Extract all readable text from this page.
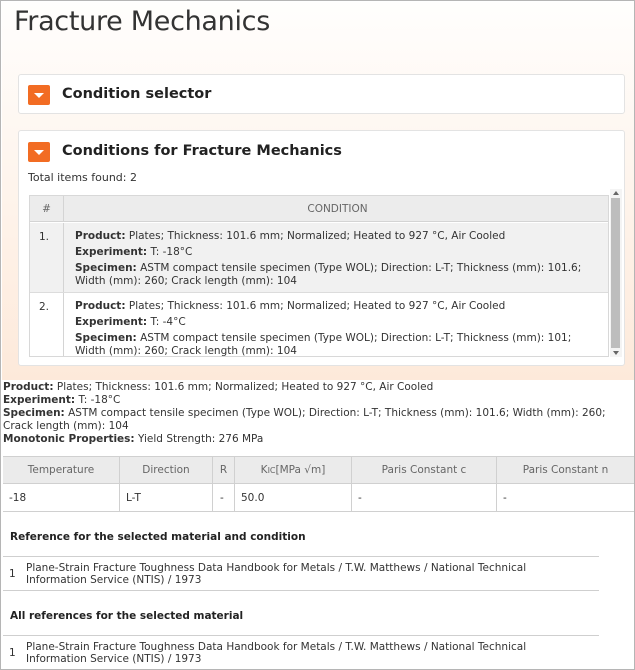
Fracture Mechanics
Condition selector
Conditions for Fracture Mechanics
Total items found: 2
#	CONDITION
1.	Product: Plates; Thickness: 101.6 mm; Normalized; Heated to 927 °C, Air Cooled
Experiment: T: -18°C
Specimen: ASTM compact tensile specimen (Type WOL); Direction: L-T; Thickness (mm): 101.6; Width (mm): 260; Crack length (mm): 104
2.	Product: Plates; Thickness: 101.6 mm; Normalized; Heated to 927 °C, Air Cooled
Experiment: T: -4°C
Specimen: ASTM compact tensile specimen (Type WOL); Direction: L-T; Thickness (mm): 101; Width (mm): 260; Crack length (mm): 104
Product: Plates; Thickness: 101.6 mm; Normalized; Heated to 927 °C, Air Cooled
Experiment: T: -18°C
Specimen: ASTM compact tensile specimen (Type WOL); Direction: L-T; Thickness (mm): 101.6; Width (mm): 260; Crack length (mm): 104
Monotonic Properties: Yield Strength: 276 MPa
Temperature	Direction	R	K IC [MPa √m]	Paris Constant c	Paris Constant n
-18	L-T	-	50.0	-	-
Reference for the selected material and condition
1 Plane-Strain Fracture Toughness Data Handbook for Metals / T.W. Matthews / National Technical Information Service (NTIS) / 1973
All references for the selected material
1 Plane-Strain Fracture Toughness Data Handbook for Metals / T.W. Matthews / National Technical Information Service (NTIS) / 1973
